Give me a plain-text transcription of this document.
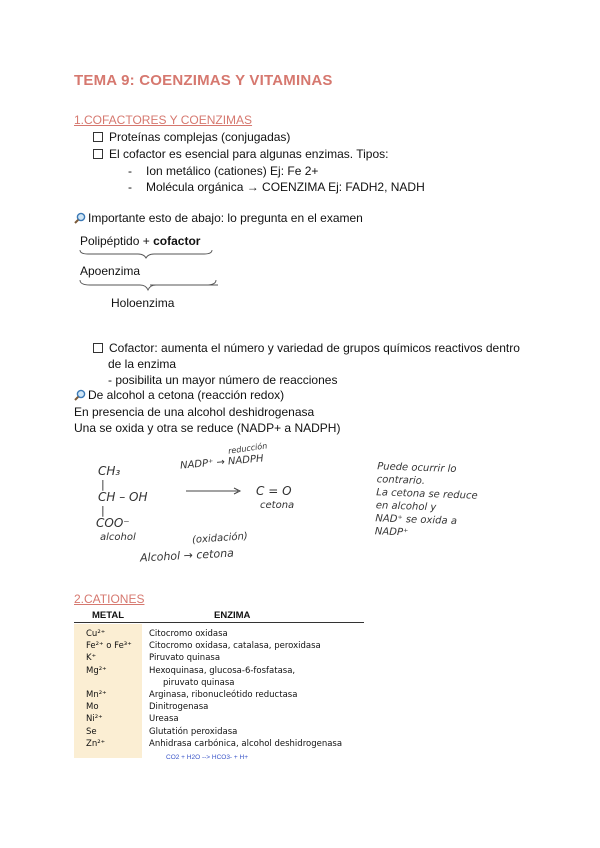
TEMA 9: COENZIMAS Y VITAMINAS
1.COFACTORES Y COENZIMAS
Proteínas complejas (conjugadas)
El cofactor es esencial para algunas enzimas. Tipos:
- Ion metálico (cationes) Ej: Fe 2+
- Molécula orgánica → COENZIMA Ej: FADH2, NADH
Importante esto de abajo: lo pregunta en el examen
Polipéptido + cofactor
Apoenzima
Holoenzima
Cofactor: aumenta el número y variedad de grupos químicos reactivos dentro
de la enzima
- posibilita un mayor número de reacciones
De alcohol a cetona (reacción redox)
En presencia de una alcohol deshidrogenasa
Una se oxida y otra se reduce (NADP+ a NADPH)
CH₃
|
CH – OH
|
COO⁻
alcohol
reducción
NADP⁺ → NADPH
→ C = O
cetona
(oxidación)
Alcohol → cetona
Puede ocurrir lo
contrario.
La cetona se reduce
en alcohol y
NAD⁺ se oxida a
NADP⁺
2.CATIONES
METAL	ENZIMA
Cu²⁺
Fe²⁺ o Fe³⁺
K⁺
Mg²⁺

Mn²⁺
Mo
Ni²⁺
Se
Zn²⁺
Citocromo oxidasa
Citocromo oxidasa, catalasa, peroxidasa
Piruvato quinasa
Hexoquinasa, glucosa-6-fosfatasa,
piruvato quinasa
Arginasa, ribonucleótido reductasa
Dinitrogenasa
Ureasa
Glutatión peroxidasa
Anhidrasa carbónica, alcohol deshidrogenasa
CO2 + H2O --> HCO3- + H+
